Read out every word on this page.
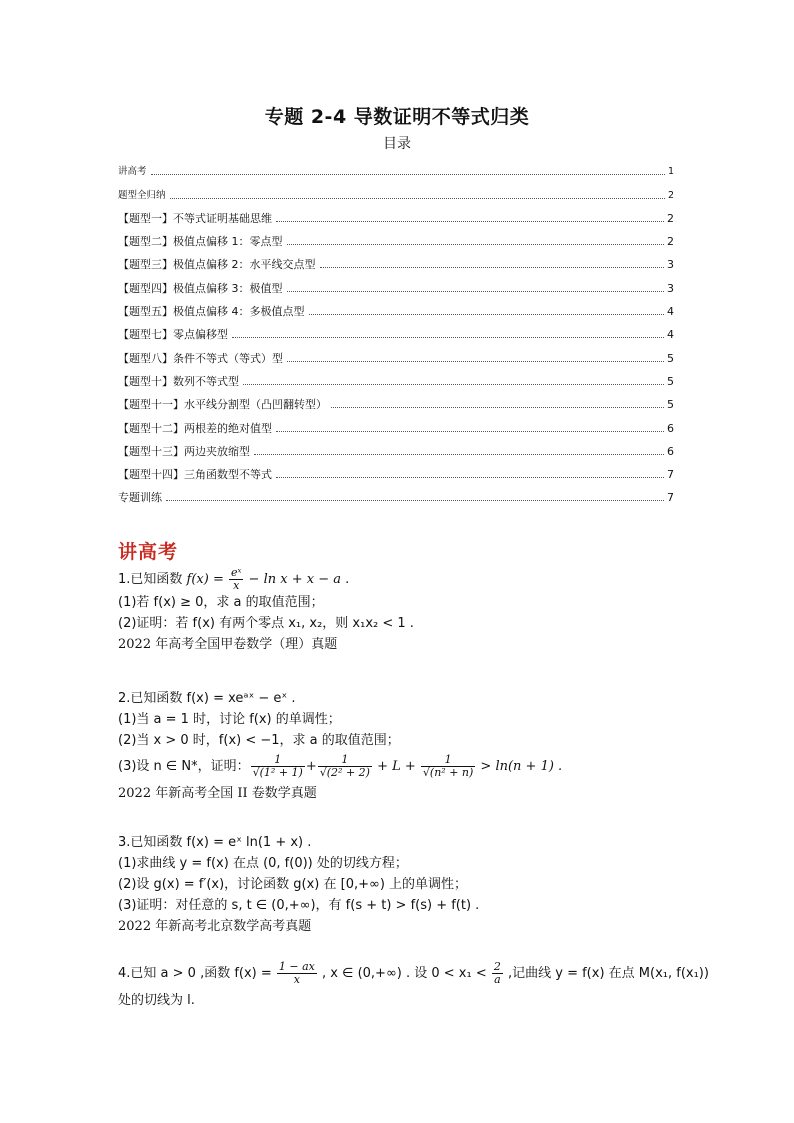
专题 2-4 导数证明不等式归类
目录
讲高考	1
题型全归纳	2
【题型一】不等式证明基础思维	2
【题型二】极值点偏移 1：零点型	2
【题型三】极值点偏移 2：水平线交点型	3
【题型四】极值点偏移 3：极值型	3
【题型五】极值点偏移 4：多极值点型	4
【题型七】零点偏移型	4
【题型八】条件不等式（等式）型	5
【题型十】数列不等式型	5
【题型十一】水平线分割型（凸凹翻转型）	5
【题型十二】两根差的绝对值型	6
【题型十三】两边夹放缩型	6
【题型十四】三角函数型不等式	7
专题训练	7
讲高考
1.已知函数 $f(x) = \frac{\text{eˣ}}{x} - \ln x + x - a$ .
(1)若 f(x) ≥ 0，求 a 的取值范围；
(2)证明：若 f(x) 有两个零点 x₁, x₂，则 x₁x₂ < 1 .
2022 年高考全国甲卷数学（理）真题
2.已知函数 f(x) = xeᵃˣ − eˣ .
(1)当 a = 1 时，讨论 f(x) 的单调性；
(2)当 x > 0 时，f(x) < −1，求 a 的取值范围；
(3)设 n ∈ N*，证明： $\frac{1}{\text{√(1² + 1)}} + \frac{1}{\text{√(2² + 2)}} + L + \frac{1}{\text{√(n² + n)}} > \ln(n + 1)$ .
2022 年新高考全国 II 卷数学真题
3.已知函数 f(x) = eˣ ln(1 + x) .
(1)求曲线 y = f(x) 在点 (0, f(0)) 处的切线方程；
(2)设 g(x) = f′(x)，讨论函数 g(x) 在 [0,+∞) 上的单调性；
(3)证明：对任意的 s, t ∈ (0,+∞)，有 f(s + t) > f(s) + f(t) .
2022 年新高考北京数学高考真题
4.已知 a > 0 ,函数 $f(x) = \frac{1 - ax}{x}$ , x ∈ (0,+∞) . 设 $0 < x_1 < \frac{2}{a}$ ,记曲线 y = f(x) 在点 M(x₁, f(x₁))
处的切线为 l.
